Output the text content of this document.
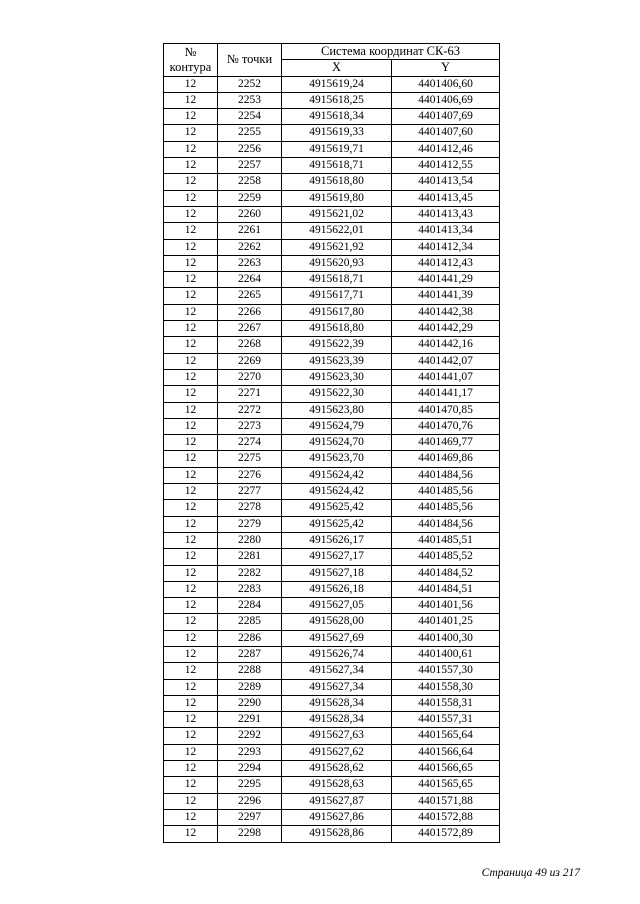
№
контура	№ точки	Система координат СК-63	
		X	Y
12	2252	4915619,24	4401406,60
12	2253	4915618,25	4401406,69
12	2254	4915618,34	4401407,69
12	2255	4915619,33	4401407,60
12	2256	4915619,71	4401412,46
12	2257	4915618,71	4401412,55
12	2258	4915618,80	4401413,54
12	2259	4915619,80	4401413,45
12	2260	4915621,02	4401413,43
12	2261	4915622,01	4401413,34
12	2262	4915621,92	4401412,34
12	2263	4915620,93	4401412,43
12	2264	4915618,71	4401441,29
12	2265	4915617,71	4401441,39
12	2266	4915617,80	4401442,38
12	2267	4915618,80	4401442,29
12	2268	4915622,39	4401442,16
12	2269	4915623,39	4401442,07
12	2270	4915623,30	4401441,07
12	2271	4915622,30	4401441,17
12	2272	4915623,80	4401470,85
12	2273	4915624,79	4401470,76
12	2274	4915624,70	4401469,77
12	2275	4915623,70	4401469,86
12	2276	4915624,42	4401484,56
12	2277	4915624,42	4401485,56
12	2278	4915625,42	4401485,56
12	2279	4915625,42	4401484,56
12	2280	4915626,17	4401485,51
12	2281	4915627,17	4401485,52
12	2282	4915627,18	4401484,52
12	2283	4915626,18	4401484,51
12	2284	4915627,05	4401401,56
12	2285	4915628,00	4401401,25
12	2286	4915627,69	4401400,30
12	2287	4915626,74	4401400,61
12	2288	4915627,34	4401557,30
12	2289	4915627,34	4401558,30
12	2290	4915628,34	4401558,31
12	2291	4915628,34	4401557,31
12	2292	4915627,63	4401565,64
12	2293	4915627,62	4401566,64
12	2294	4915628,62	4401566,65
12	2295	4915628,63	4401565,65
12	2296	4915627,87	4401571,88
12	2297	4915627,86	4401572,88
12	2298	4915628,86	4401572,89
Страница 49 из 217
